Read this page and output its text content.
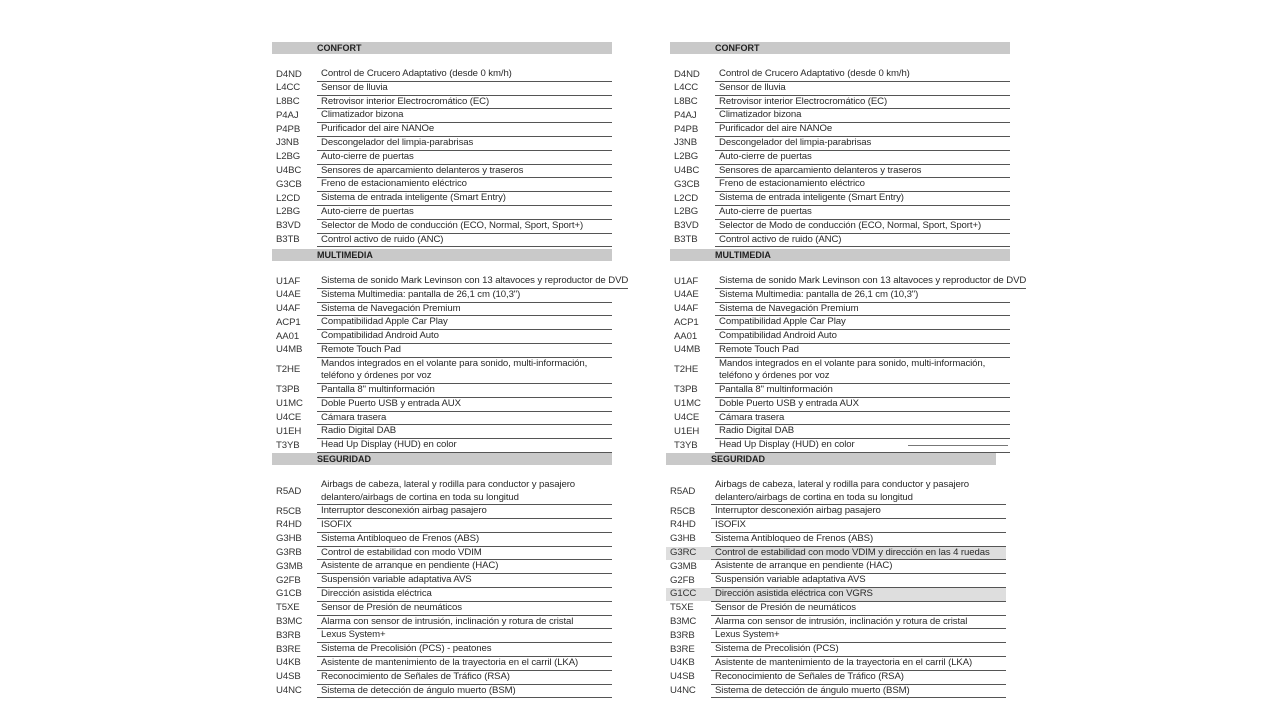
CONFORT
D4ND	Control de Crucero Adaptativo (desde 0 km/h)
L4CC	Sensor de lluvia
L8BC	Retrovisor interior Electrocromático (EC)
P4AJ	Climatizador bizona
P4PB	Purificador del aire NANOe
J3NB	Descongelador del limpia-parabrisas
L2BG	Auto-cierre de puertas
U4BC	Sensores de aparcamiento delanteros y traseros
G3CB	Freno de estacionamiento eléctrico
L2CD	Sistema de entrada inteligente (Smart Entry)
L2BG	Auto-cierre de puertas
B3VD	Selector de Modo de conducción (ECO, Normal, Sport, Sport+)
B3TB	Control activo de ruido (ANC)
MULTIMEDIA
U1AF	Sistema de sonido Mark Levinson con 13 altavoces y reproductor de DVD
U4AE	Sistema Multimedia: pantalla de 26,1 cm (10,3")
U4AF	Sistema de Navegación Premium
ACP1	Compatibilidad Apple Car Play
AA01	Compatibilidad Android Auto
U4MB	Remote Touch Pad
T2HE
Mandos integrados en el volante para sonido, multi-información, teléfono y órdenes por voz
T3PB	Pantalla 8" multinformación
U1MC	Doble Puerto USB y entrada AUX
U4CE	Cámara trasera
U1EH	Radio Digital DAB
T3YB	Head Up Display (HUD) en color
SEGURIDAD
R5AD
Airbags de cabeza, lateral y rodilla para conductor y pasajero delantero/airbags de cortina en toda su longitud
R5CB	Interruptor desconexión airbag pasajero
R4HD	ISOFIX
G3HB	Sistema Antibloqueo de Frenos (ABS)
G3RB	Control de estabilidad con modo VDIM
G3MB	Asistente de arranque en pendiente (HAC)
G2FB	Suspensión variable adaptativa AVS
G1CB	Dirección asistida eléctrica
T5XE	Sensor de Presión de neumáticos
B3MC	Alarma con sensor de intrusión, inclinación y rotura de cristal
B3RB	Lexus System+
B3RE	Sistema de Precolisión (PCS) - peatones
U4KB	Asistente de mantenimiento de la trayectoria en el carril (LKA)
U4SB	Reconocimiento de Señales de Tráfico (RSA)
U4NC	Sistema de detección de ángulo muerto (BSM)
CONFORT
D4ND	Control de Crucero Adaptativo (desde 0 km/h)
L4CC	Sensor de lluvia
L8BC	Retrovisor interior Electrocromático (EC)
P4AJ	Climatizador bizona
P4PB	Purificador del aire NANOe
J3NB	Descongelador del limpia-parabrisas
L2BG	Auto-cierre de puertas
U4BC	Sensores de aparcamiento delanteros y traseros
G3CB	Freno de estacionamiento eléctrico
L2CD	Sistema de entrada inteligente (Smart Entry)
L2BG	Auto-cierre de puertas
B3VD	Selector de Modo de conducción (ECO, Normal, Sport, Sport+)
B3TB	Control activo de ruido (ANC)
MULTIMEDIA
U1AF	Sistema de sonido Mark Levinson con 13 altavoces y reproductor de DVD
U4AE	Sistema Multimedia: pantalla de 26,1 cm (10,3")
U4AF	Sistema de Navegación Premium
ACP1	Compatibilidad Apple Car Play
AA01	Compatibilidad Android Auto
U4MB	Remote Touch Pad
T2HE
Mandos integrados en el volante para sonido, multi-información, teléfono y órdenes por voz
T3PB	Pantalla 8" multinformación
U1MC	Doble Puerto USB y entrada AUX
U4CE	Cámara trasera
U1EH	Radio Digital DAB
T3YB	Head Up Display (HUD) en color
SEGURIDAD
R5AD
Airbags de cabeza, lateral y rodilla para conductor y pasajero delantero/airbags de cortina en toda su longitud
R5CB	Interruptor desconexión airbag pasajero
R4HD	ISOFIX
G3HB	Sistema Antibloqueo de Frenos (ABS)
G3RC	Control de estabilidad con modo VDIM y dirección en las 4 ruedas
G3MB	Asistente de arranque en pendiente (HAC)
G2FB	Suspensión variable adaptativa AVS
G1CC	Dirección asistida eléctrica con VGRS
T5XE	Sensor de Presión de neumáticos
B3MC	Alarma con sensor de intrusión, inclinación y rotura de cristal
B3RB	Lexus System+
B3RE	Sistema de Precolisión (PCS)
U4KB	Asistente de mantenimiento de la trayectoria en el carril (LKA)
U4SB	Reconocimiento de Señales de Tráfico (RSA)
U4NC	Sistema de detección de ángulo muerto (BSM)
